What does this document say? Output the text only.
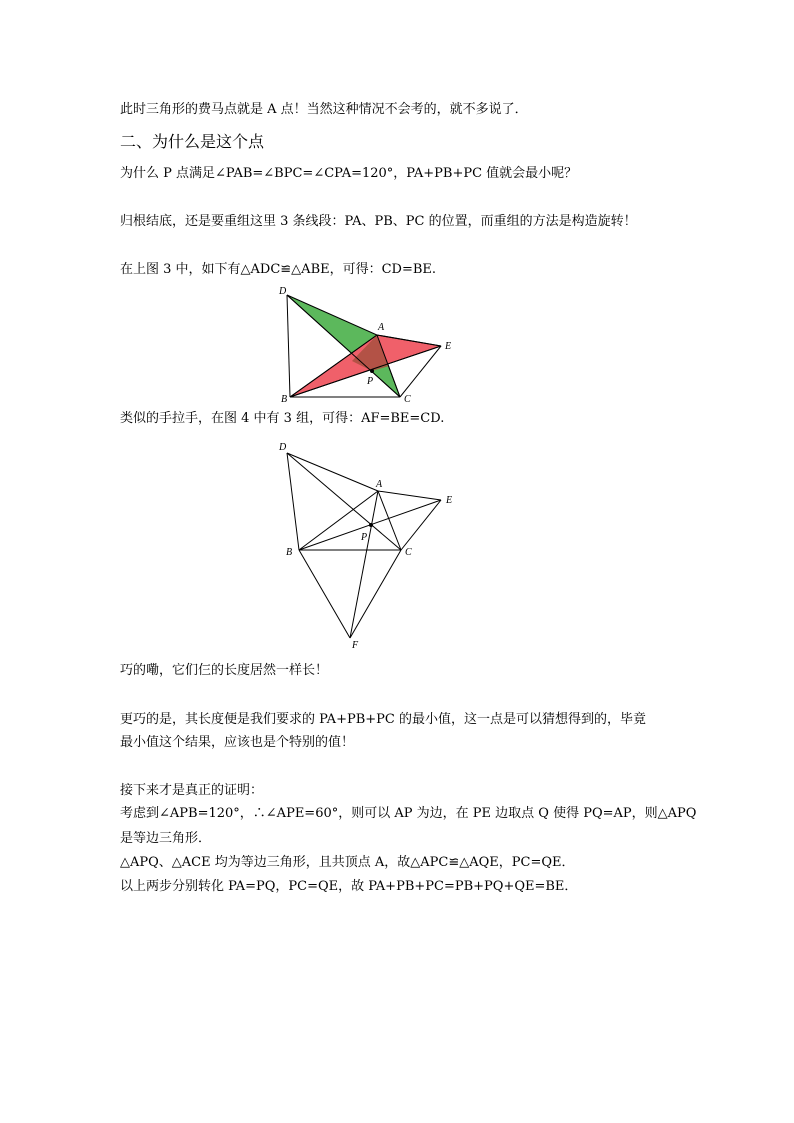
此时三角形的费马点就是 A 点！当然这种情况不会考的，就不多说了．
二、为什么是这个点
为什么 P 点满足∠PAB=∠BPC=∠CPA=120°，PA+PB+PC 值就会最小呢？
归根结底，还是要重组这里 3 条线段：PA、PB、PC 的位置，而重组的方法是构造旋转！
在上图 3 中，如下有△ADC≌△ABE，可得：CD=BE.
D
A
E
P
B	C
类似的手拉手，在图 4 中有 3 组，可得：AF=BE=CD.
D
A
E
P
B	C
F
巧的嘞，它们仨的长度居然一样长！
更巧的是，其长度便是我们要求的 PA+PB+PC 的最小值，这一点是可以猜想得到的，毕竟
最小值这个结果，应该也是个特别的值！
接下来才是真正的证明：
考虑到∠APB=120°，∴∠APE=60°，则可以 AP 为边，在 PE 边取点 Q 使得 PQ=AP，则△APQ
是等边三角形．
△APQ、△ACE 均为等边三角形，且共顶点 A，故△APC≌△AQE，PC=QE．
以上两步分别转化 PA=PQ，PC=QE，故 PA+PB+PC=PB+PQ+QE=BE．
